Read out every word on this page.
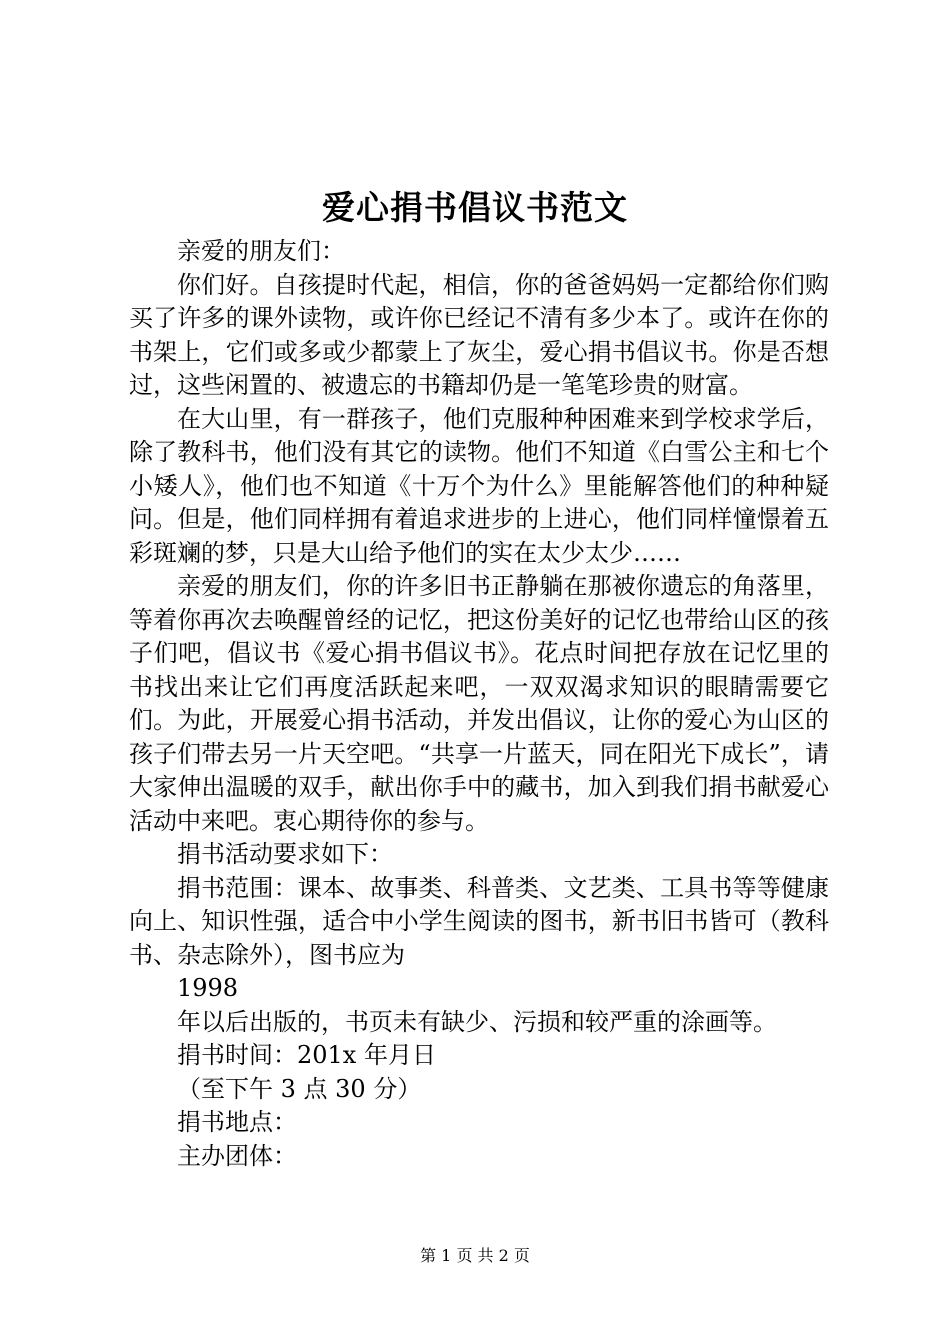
爱心捐书倡议书范文

亲爱的朋友们：

你们好。自孩提时代起，相信，你的爸爸妈妈一定都给你们购买了许多的课外读物，或许你已经记不清有多少本了。或许在你的书架上，它们或多或少都蒙上了灰尘，爱心捐书倡议书。你是否想过，这些闲置的、被遗忘的书籍却仍是一笔笔珍贵的财富。

在大山里，有一群孩子，他们克服种种困难来到学校求学后，除了教科书，他们没有其它的读物。他们不知道《白雪公主和七个小矮人》，他们也不知道《十万个为什么》里能解答他们的种种疑问。但是，他们同样拥有着追求进步的上进心，他们同样憧憬着五彩斑斓的梦，只是大山给予他们的实在太少太少……

亲爱的朋友们，你的许多旧书正静躺在那被你遗忘的角落里，等着你再次去唤醒曾经的记忆，把这份美好的记忆也带给山区的孩子们吧，倡议书《爱心捐书倡议书》。花点时间把存放在记忆里的书找出来让它们再度活跃起来吧，一双双渴求知识的眼睛需要它们。为此，开展爱心捐书活动，并发出倡议，让你的爱心为山区的孩子们带去另一片天空吧。“共享一片蓝天，同在阳光下成长”，请大家伸出温暖的双手，献出你手中的藏书，加入到我们捐书献爱心活动中来吧。衷心期待你的参与。

捐书活动要求如下：

捐书范围：课本、故事类、科普类、文艺类、工具书等等健康向上、知识性强，适合中小学生阅读的图书，新书旧书皆可（教科书、杂志除外），图书应为

1998

年以后出版的，书页未有缺少、污损和较严重的涂画等。

捐书时间：201x 年月日

（至下午 3 点 30 分）

捐书地点：

主办团体：

第 1 页 共 2 页
